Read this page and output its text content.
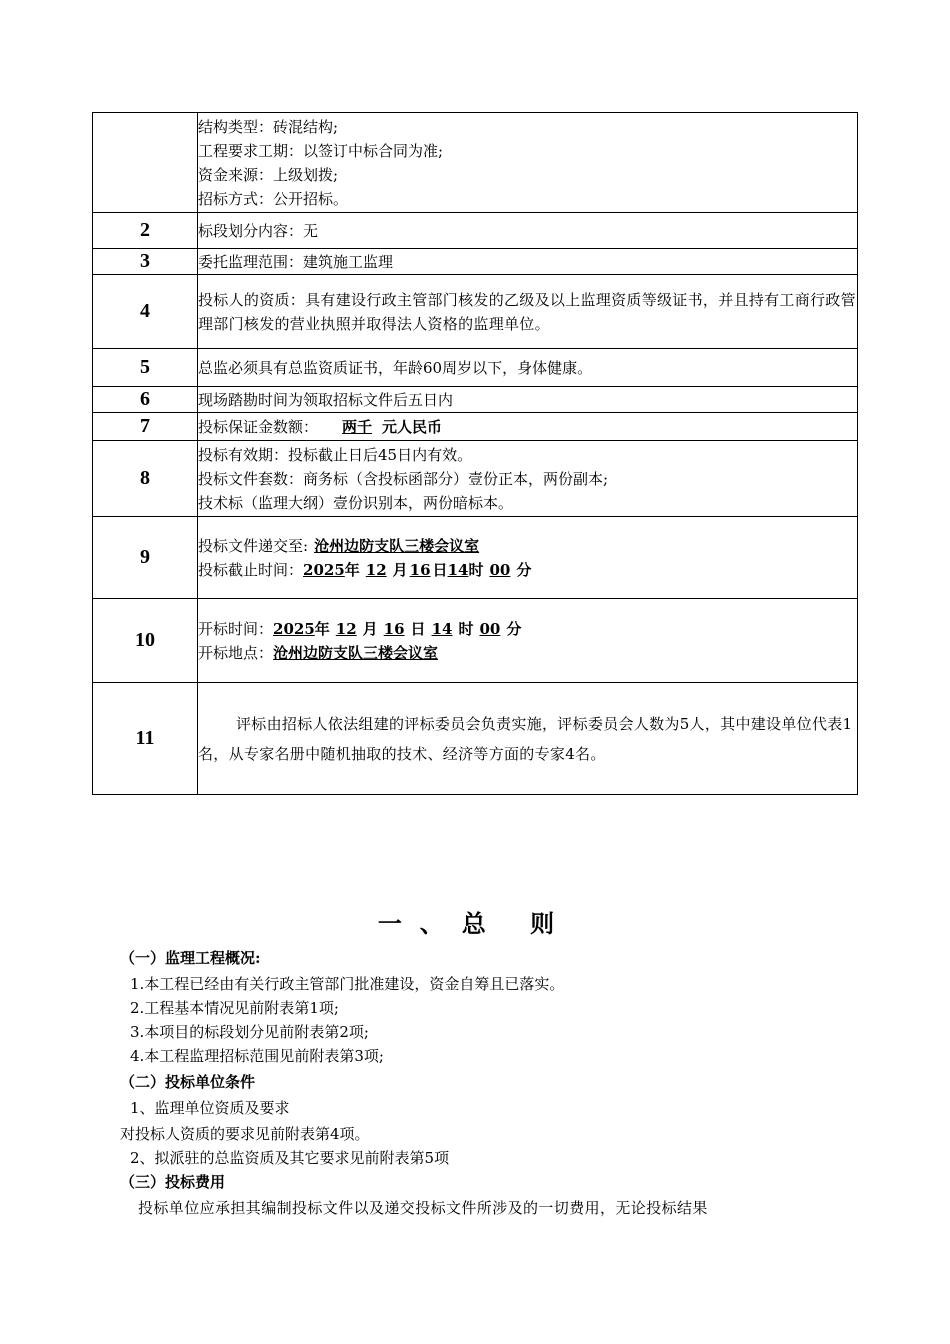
	结构类型：砖混结构;
工程要求工期：以签订中标合同为准;
资金来源：上级划拨;
招标方式：公开招标。

2	标段划分内容：无
3	委托监理范围：建筑施工监理
4	投标人的资质：具有建设行政主管部门核发的乙级及以上监理资质等级证书，并且持有工商行政管理部门核发的营业执照并取得法人资格的监理单位。
5	总监必须具有总监资质证书，年龄60周岁以下，身体健康。
6	现场踏勘时间为领取招标文件后五日内
7	投标保证金数额： 两千 元人民币
8	投标有效期：投标截止日后45日内有效。
投标文件套数：商务标（含投标函部分）壹份正本，两份副本;
技术标（监理大纲）壹份识别本，两份暗标本。

9	投标文件递交至: 沧州边防支队三楼会议室
投标截止时间：2025年 12 月 16 日14时 00 分

10	开标时间：2025年 12 月 16 日 14 时 00 分
开标地点：沧州边防支队三楼会议室

11	评标由招标人依法组建的评标委员会负责实施，评标委员会人数为5人，其中建设单位代表1名，从专家名册中随机抽取的技术、经济等方面的专家4名。
一、总 则
（一）监理工程概况:
1.本工程已经由有关行政主管部门批准建设，资金自筹且已落实。
2.工程基本情况见前附表第1项;
3.本项目的标段划分见前附表第2项;
4.本工程监理招标范围见前附表第3项;
（二）投标单位条件
1、监理单位资质及要求
对投标人资质的要求见前附表第4项。
2、拟派驻的总监资质及其它要求见前附表第5项
（三）投标费用
投标单位应承担其编制投标文件以及递交投标文件所涉及的一切费用，无论投标结果
